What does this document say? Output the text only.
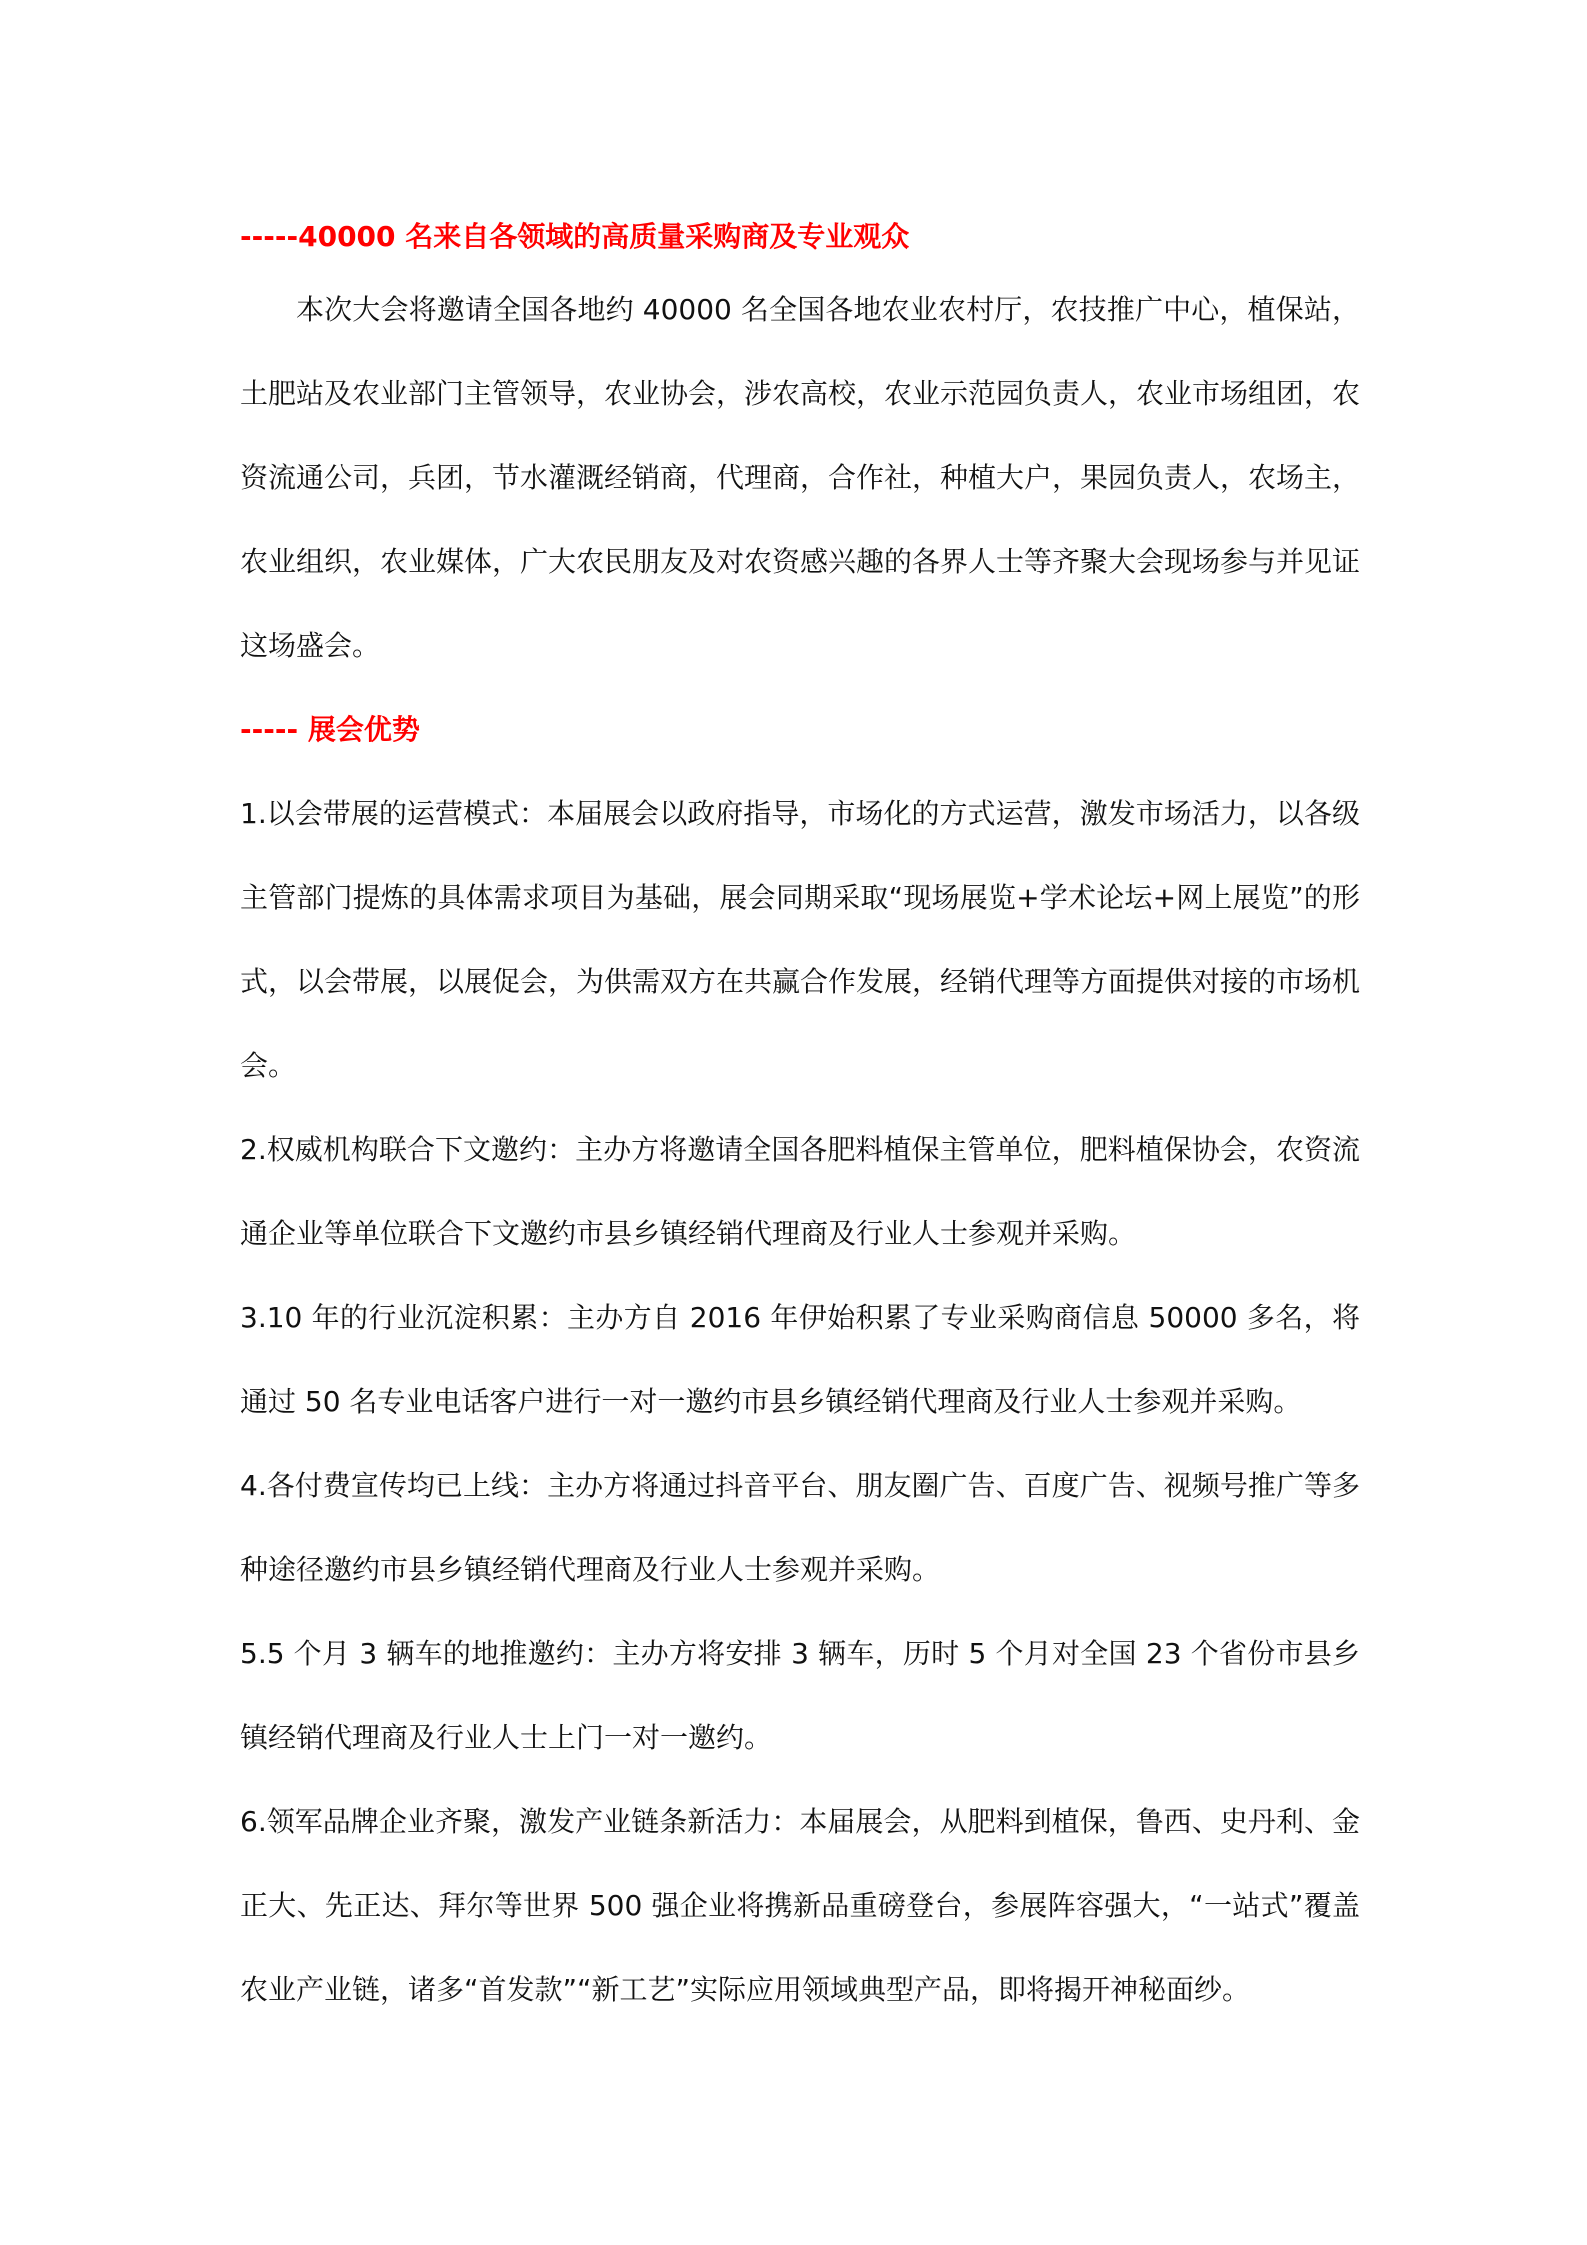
-----40000 名来自各领域的高质量采购商及专业观众

本次大会将邀请全国各地约 40000 名全国各地农业农村厅，农技推广中心，植保站，土肥站及农业部门主管领导，农业协会，涉农高校，农业示范园负责人，农业市场组团，农资流通公司，兵团，节水灌溉经销商，代理商，合作社，种植大户，果园负责人，农场主，农业组织，农业媒体，广大农民朋友及对农资感兴趣的各界人士等齐聚大会现场参与并见证这场盛会。

----- 展会优势

1.以会带展的运营模式：本届展会以政府指导，市场化的方式运营，激发市场活力，以各级主管部门提炼的具体需求项目为基础，展会同期采取“现场展览+学术论坛+网上展览”的形式，以会带展，以展促会，为供需双方在共赢合作发展，经销代理等方面提供对接的市场机会。

2.权威机构联合下文邀约：主办方将邀请全国各肥料植保主管单位，肥料植保协会，农资流通企业等单位联合下文邀约市县乡镇经销代理商及行业人士参观并采购。

3.10 年的行业沉淀积累：主办方自 2016 年伊始积累了专业采购商信息 50000 多名，将通过 50 名专业电话客户进行一对一邀约市县乡镇经销代理商及行业人士参观并采购。

4.各付费宣传均已上线：主办方将通过抖音平台、朋友圈广告、百度广告、视频号推广等多种途径邀约市县乡镇经销代理商及行业人士参观并采购。

5.5 个月 3 辆车的地推邀约：主办方将安排 3 辆车，历时 5 个月对全国 23 个省份市县乡镇经销代理商及行业人士上门一对一邀约。

6.领军品牌企业齐聚，激发产业链条新活力：本届展会，从肥料到植保，鲁西、史丹利、金正大、先正达、拜尔等世界 500 强企业将携新品重磅登台，参展阵容强大，“一站式”覆盖农业产业链，诸多“首发款”“新工艺”实际应用领域典型产品，即将揭开神秘面纱。
